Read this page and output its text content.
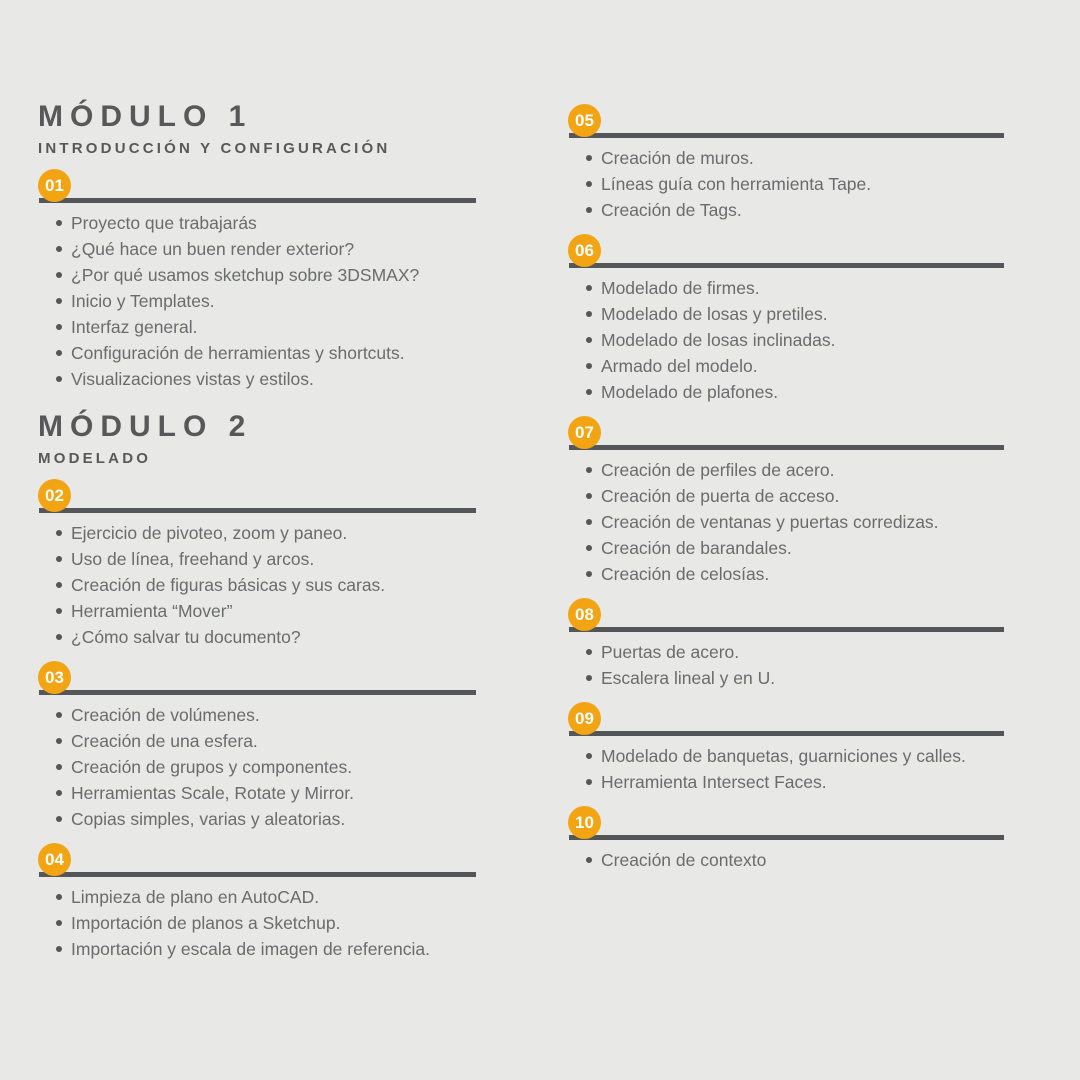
MÓDULO 1
INTRODUCCIÓN Y CONFIGURACIÓN
01
Proyecto que trabajarás
¿Qué hace un buen render exterior?
¿Por qué usamos sketchup sobre 3DSMAX?
Inicio y Templates.
Interfaz general.
Configuración de herramientas y shortcuts.
Visualizaciones vistas y estilos.
MÓDULO 2
MODELADO
02
Ejercicio de pivoteo, zoom y paneo.
Uso de línea, freehand y arcos.
Creación de figuras básicas y sus caras.
Herramienta “Mover”
¿Cómo salvar tu documento?
03
Creación de volúmenes.
Creación de una esfera.
Creación de grupos y componentes.
Herramientas Scale, Rotate y Mirror.
Copias simples, varias y aleatorias.
04
Limpieza de plano en AutoCAD.
Importación de planos a Sketchup.
Importación y escala de imagen de referencia.
05
Creación de muros.
Líneas guía con herramienta Tape.
Creación de Tags.
06
Modelado de firmes.
Modelado de losas y pretiles.
Modelado de losas inclinadas.
Armado del modelo.
Modelado de plafones.
07
Creación de perfiles de acero.
Creación de puerta de acceso.
Creación de ventanas y puertas corredizas.
Creación de barandales.
Creación de celosías.
08
Puertas de acero.
Escalera lineal y en U.
09
Modelado de banquetas, guarniciones y calles.
Herramienta Intersect Faces.
10
Creación de contexto
